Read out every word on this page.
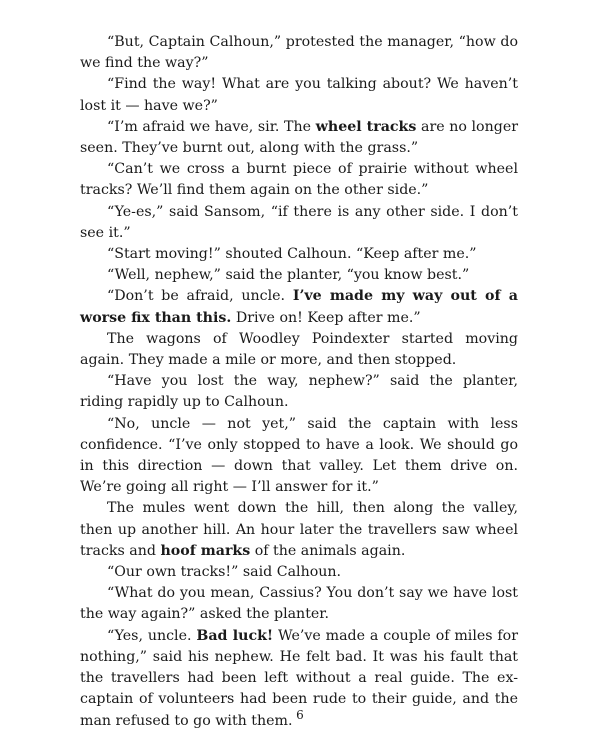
“But, Captain Calhoun,” protested the manager, “how do we find the way?”

“Find the way! What are you talking about? We haven’t lost it — have we?”

“I’m afraid we have, sir. The wheel tracks are no longer seen. They’ve burnt out, along with the grass.”

“Can’t we cross a burnt piece of prairie without wheel tracks? We’ll find them again on the other side.”

“Ye-es,” said Sansom, “if there is any other side. I don’t see it.”

“Start moving!” shouted Calhoun. “Keep after me.”

“Well, nephew,” said the planter, “you know best.”

“Don’t be afraid, uncle. I’ve made my way out of a worse fix than this. Drive on! Keep after me.”

The wagons of Woodley Poindexter started moving again. They made a mile or more, and then stopped.

“Have you lost the way, nephew?” said the planter, riding rapidly up to Calhoun.

“No, uncle — not yet,” said the captain with less confidence. “I’ve only stopped to have a look. We should go in this direction — down that valley. Let them drive on. We’re going all right — I’ll answer for it.”

The mules went down the hill, then along the valley, then up another hill. An hour later the travellers saw wheel tracks and hoof marks of the animals again.

“Our own tracks!” said Calhoun.

“What do you mean, Cassius? You don’t say we have lost the way again?” asked the planter.

“Yes, uncle. Bad luck! We’ve made a couple of miles for nothing,” said his nephew. He felt bad. It was his fault that the travellers had been left without a real guide. The ex-captain of volunteers had been rude to their guide, and the man refused to go with them. 6
